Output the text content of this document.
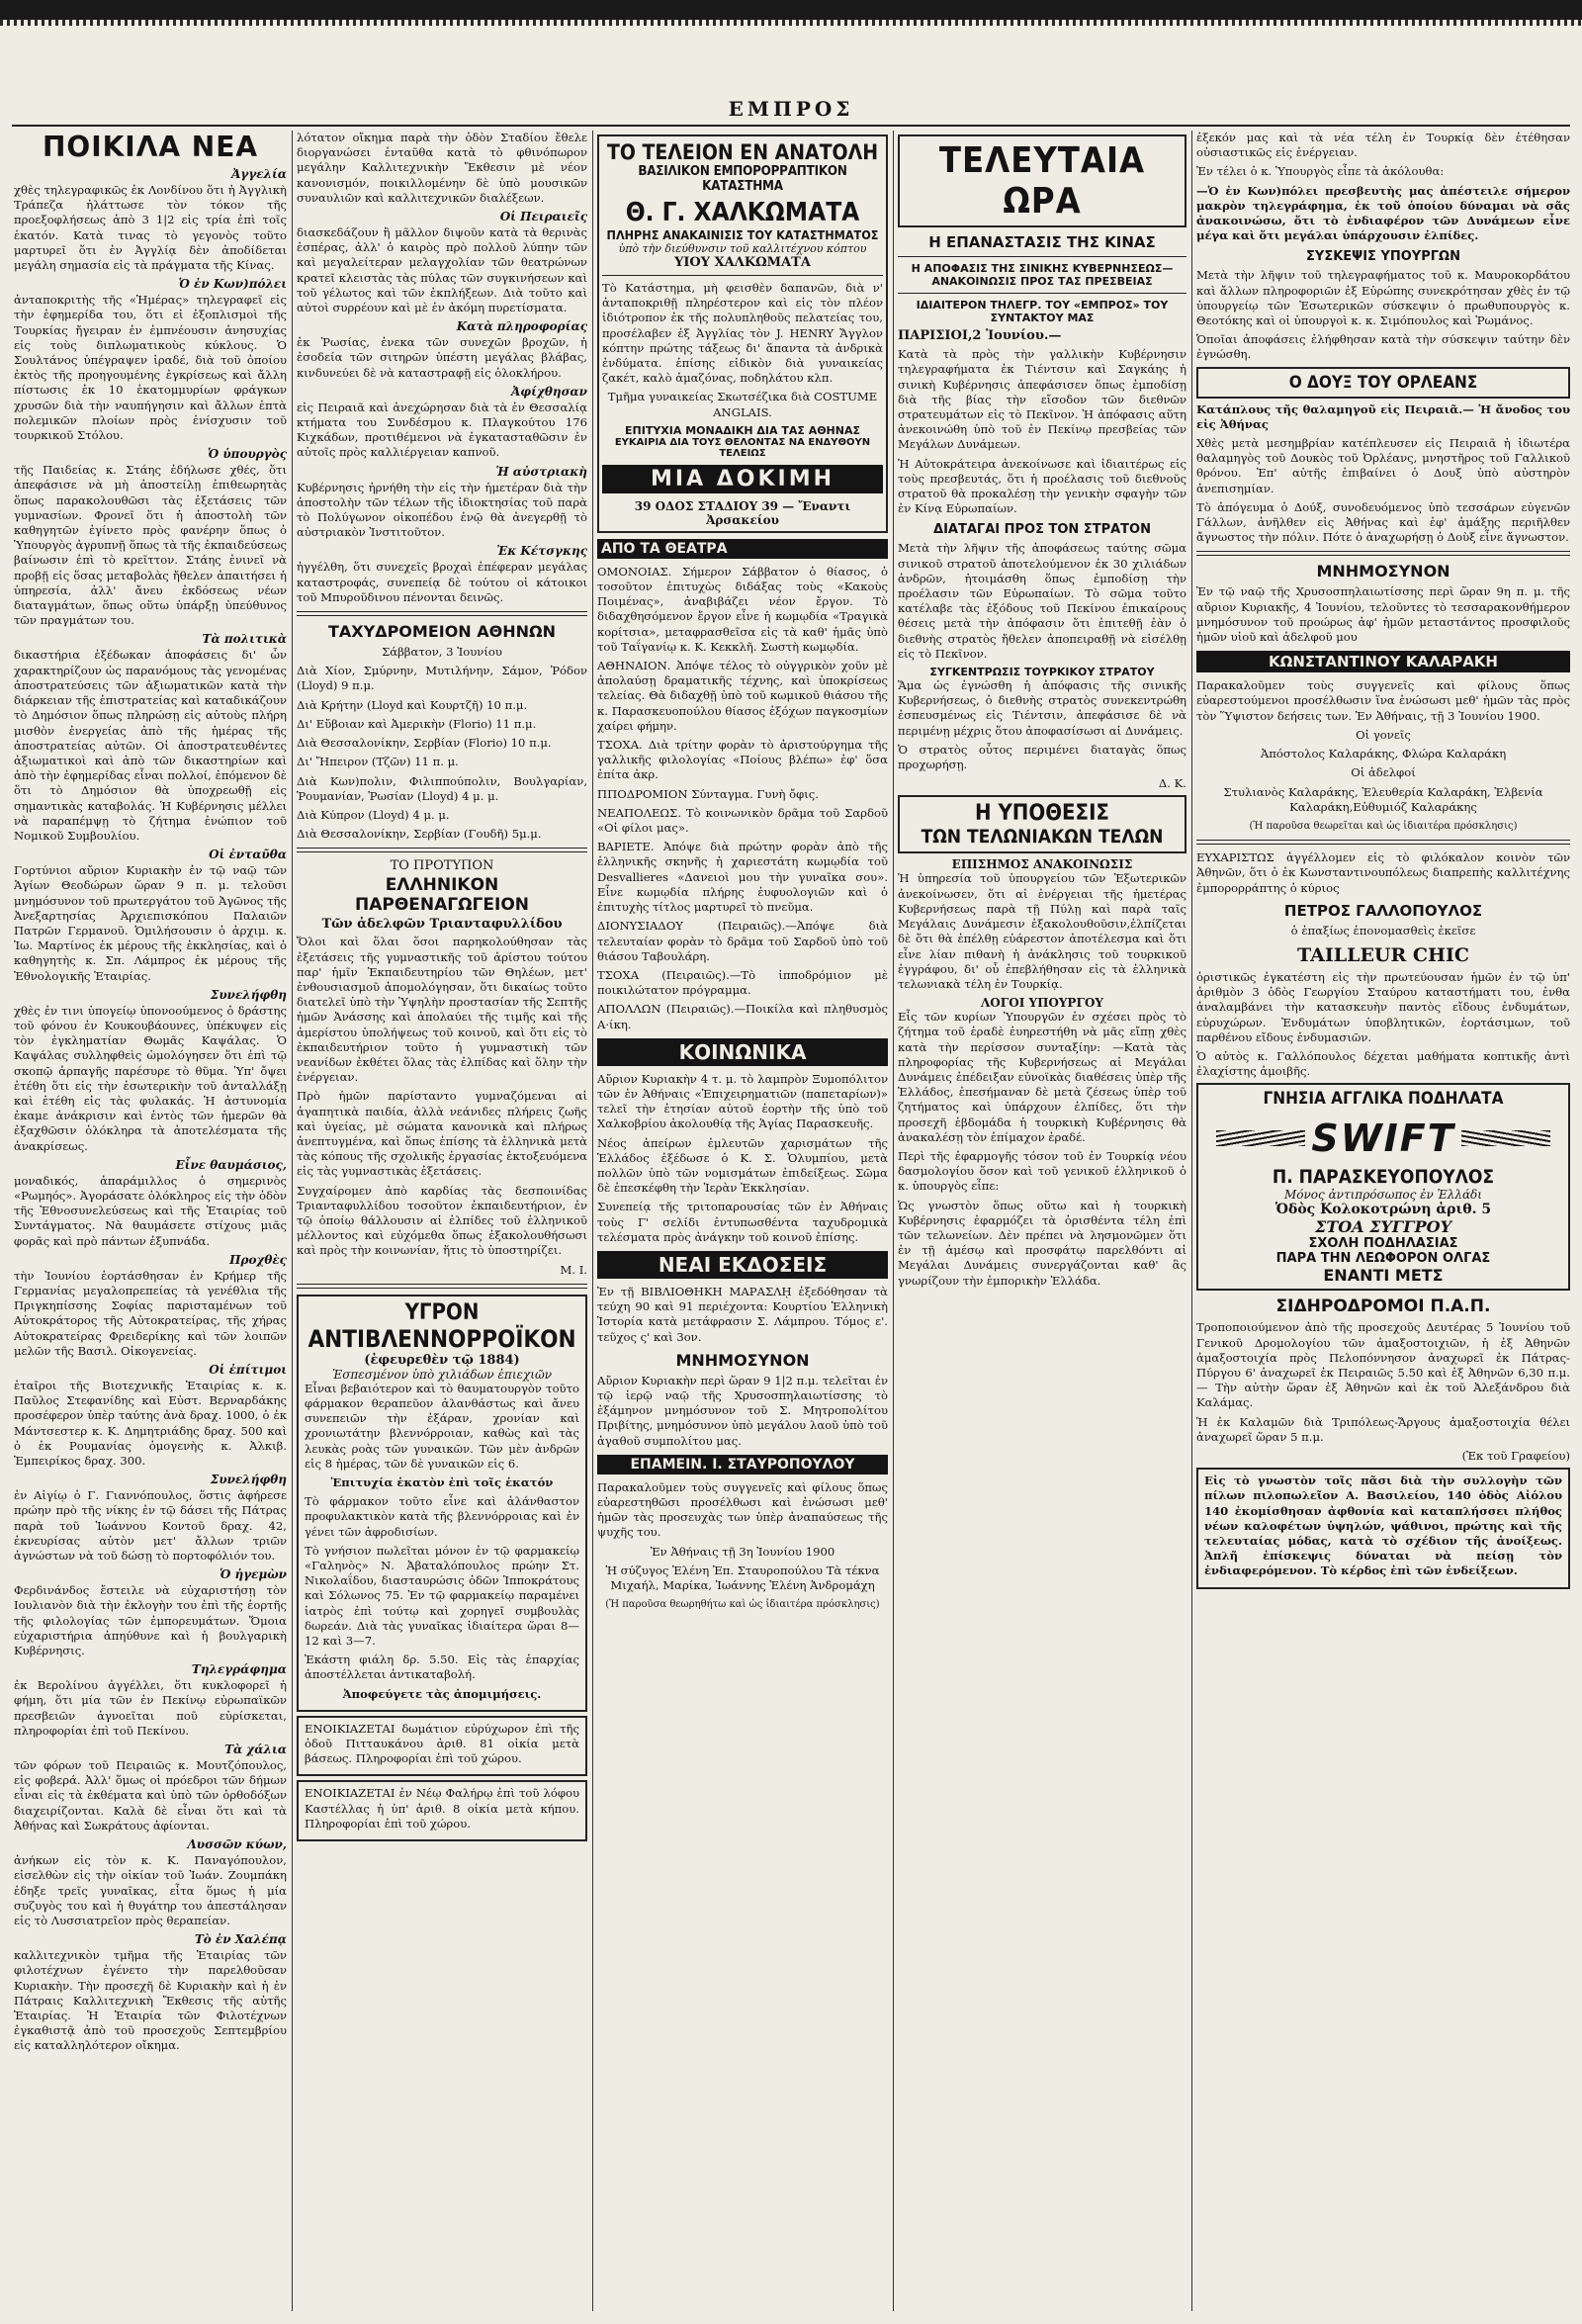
ΕΜΠΡΟΣ
ΠΟΙΚΙΛΑ ΝΕΑ
Ἀγγελία

χθὲς τηλεγραφικῶς ἐκ Λονδίνου ὅτι ἡ Ἀγγλικὴ Τράπεζα ἠλάττωσε τὸν τόκον τῆς προεξοφλήσεως ἀπὸ 3 1|2 εἰς τρία ἐπὶ τοῖς ἑκατόν. Κατὰ τινας τὸ γεγονὸς τοῦτο μαρτυρεῖ ὅτι ἐν Ἀγγλίᾳ δὲν ἀποδίδεται μεγάλη σημασία εἰς τὰ πράγματα τῆς Κίνας.

Ὁ ἐν Κων)πόλει

ἀνταποκριτὴς τῆς «Ἡμέρας» τηλεγραφεῖ εἰς τὴν ἐφημερίδα του, ὅτι εἰ ἐξοπλισμοὶ τῆς Τουρκίας ἤγειραν ἐν ἐμπνέουσιν ἀνησυχίας εἰς τοὺς διπλωματικοὺς κύκλους. Ὁ Σουλτάνος ὑπέγραψεν ἰραδέ, διὰ τοῦ ὁποίου ἐκτὸς τῆς προηγουμένης ἐγκρίσεως καὶ ἄλλη πίστωσις ἐκ 10 ἑκατομμυρίων φράγκων χρυσῶν διὰ τὴν ναυπήγησιν καὶ ἄλλων ἑπτὰ πολεμικῶν πλοίων πρὸς ἐνίσχυσιν τοῦ τουρκικοῦ Στόλου.

Ὁ ὑπουργὸς

τῆς Παιδείας κ. Στάης ἐδήλωσε χθές, ὅτι ἀπεφάσισε νὰ μὴ ἀποστείλῃ ἐπιθεωρητὰς ὅπως παρακολουθῶσι τὰς ἐξετάσεις τῶν γυμνασίων. Φρονεῖ ὅτι ἡ ἀποστολὴ τῶν καθηγητῶν ἐγίνετο πρὸς φανέρην ὅπως ὁ Ὑπουργὸς ἀγρυπνῇ ὅπως τὰ τῆς ἐκπαιδεύσεως βαίνωσιν ἐπὶ τὸ κρεῖττον. Στάης ἐνινεῖ νὰ προβῇ εἰς ὅσας μεταβολὰς ἤθελεν ἀπαιτήσει ἡ ὑπηρεσία, ἀλλ' ἄνευ ἐκδόσεως νέων διαταγμάτων, ὅπως οὕτω ὑπάρξῃ ὑπεύθυνος τῶν πραγμάτων του.

Τὰ πολιτικὰ

δικαστήρια ἐξέδωκαν ἀποφάσεις δι' ὧν χαρακτηρίζουν ὡς παρανόμους τὰς γενομένας ἀποστρατεύσεις τῶν ἀξιωματικῶν κατὰ τὴν διάρκειαν τῆς ἐπιστρατείας καὶ καταδικάζουν τὸ Δημόσιον ὅπως πληρώσῃ εἰς αὐτοὺς πλήρη μισθὸν ἐνεργείας ἀπὸ τῆς ἡμέρας τῆς ἀποστρατείας αὐτῶν. Οἱ ἀποστρατευθέντες ἀξιωματικοὶ καὶ ἀπὸ τῶν δικαστηρίων καὶ ἀπὸ τὴν ἐφημερίδας εἶναι πολλοί, ἐπόμενον δὲ ὅτι τὸ Δημόσιον θὰ ὑποχρεωθῇ εἰς σημαντικὰς καταβολάς. Ἡ Κυβέρνησις μέλλει νὰ παραπέμψῃ τὸ ζήτημα ἐνώπιον τοῦ Νομικοῦ Συμβουλίου.

Οἱ ἐνταῦθα

Γορτύνιοι αὔριον Κυριακὴν ἐν τῷ ναῷ τῶν Ἁγίων Θεοδώρων ὥραν 9 π. μ. τελοῦσι μνημόσυνον τοῦ πρωτεργάτου τοῦ Ἀγῶνος τῆς Ἀνεξαρτησίας Ἀρχιεπισκόπου Παλαιῶν Πατρῶν Γερμανοῦ. Ὁμιλήσουσιν ὁ ἀρχιμ. κ. Ἰω. Μαρτίνος ἐκ μέρους τῆς ἐκκλησίας, καὶ ὁ καθηγητὴς κ. Σπ. Λάμπρος ἐκ μέρους τῆς Ἐθνολογικῆς Ἑταιρίας.

Συνελήφθη

χθὲς ἐν τινι ὑπογείῳ ὑπονοούμενος ὁ δράστης τοῦ φόνου ἐν Κουκουβάουνες, ὑπέκυψεν εἰς τὸν ἐγκληματίαν Θωμᾶς Καψάλας. Ὁ Καψάλας συλληφθεὶς ὡμολόγησεν ὅτι ἐπὶ τῷ σκοπῷ ἁρπαγῆς παρέσυρε τὸ θῦμα. Ὑπ' ὄψει ἐτέθη ὅτι εἰς τὴν ἐσωτερικὴν τοῦ ἀνταλλάξῃ καὶ ἐτέθη εἰς τὰς φυλακάς. Ἡ ἀστυνομία ἐκαμε ἀνάκρισιν καὶ ἐντὸς τῶν ἡμερῶν θὰ ἐξαχθῶσιν ὁλόκληρα τὰ ἀποτελέσματα τῆς ἀνακρίσεως.

Εἶνε θαυμάσιος,

μοναδικός, ἀπαράμιλλος ὁ σημερινὸς «Ρωμηός». Ἀγοράσατε ὁλόκληρος εἰς τὴν ὁδὸν τῆς Ἐθνοσυνελεύσεως καὶ τῆς Ἑταιρίας τοῦ Συντάγματος. Νὰ θαυμάσετε στίχους μιᾶς φορᾶς καὶ πρὸ πάντων ἐξυπνάδα.

Προχθὲς

τὴν Ἰουνίου ἑορτάσθησαν ἐν Κρήμερ τῆς Γερμανίας μεγαλοπρεπείας τὰ γενέθλια τῆς Πριγκηπίσσης Σοφίας παρισταμένων τοῦ Αὐτοκράτορος τῆς Αὐτοκρατείρας, τῆς χήρας Αὐτοκρατείρας Φρειδερίκης καὶ τῶν λοιπῶν μελῶν τῆς Βασιλ. Οἰκογενείας.

Οἱ ἐπίτιμοι

ἑταῖροι τῆς Βιοτεχνικῆς Ἑταιρίας κ. κ. Παῦλος Στεφανίδης καὶ Εὐστ. Βερναρδάκης προσέφερον ὑπὲρ ταύτης ἀνὰ δραχ. 1000, ὁ ἐκ Μάντσεστερ κ. Κ. Δημητριάδης δραχ. 500 καὶ ὁ ἐκ Ρουμανίας ὁμογενὴς κ. Ἀλκιβ. Ἐμπειρίκος δραχ. 300.

Συνελήφθη

ἐν Αἰγίῳ ὁ Γ. Γιαννόπουλος, ὅστις ἀφήρεσε πρώην πρὸ τῆς νίκης ἐν τῷ δάσει τῆς Πάτρας παρὰ τοῦ Ἰωάννου Κοντοῦ δραχ. 42, ἐκνευρίσας αὐτὸν μετ' ἄλλων τριῶν ἀγνώστων νὰ τοῦ δώσῃ τὸ πορτοφόλιόν του.

Ὁ ἡγεμὼν

Φερδινάνδος ἔστειλε νὰ εὐχαριστήσῃ τὸν Ιουλιανὸν διὰ τὴν ἐκλογὴν του ἐπὶ τῆς ἑορτῆς τῆς φιλολογίας τῶν ἐμπορευμάτων. Ὅμοια εὐχαριστήρια ἀπηύθυνε καὶ ἡ βουλγαρικὴ Κυβέρνησις.

Τηλεγράφημα

ἐκ Βερολίνου ἀγγέλλει, ὅτι κυκλοφορεῖ ἡ φήμη, ὅτι μία τῶν ἐν Πεκίνῳ εὐρωπαϊκῶν πρεσβειῶν ἀγνοεῖται ποῦ εὑρίσκεται, πληροφορίαι ἐπὶ τοῦ Πεκίνου.

Τὰ χάλια

τῶν φόρων τοῦ Πειραιῶς κ. Μουτζόπουλος, εἰς φοβερά. Ἀλλ' ὅμως οἱ πρόεδροι τῶν δήμων εἶναι εἰς τὰ ἐκθέματα καὶ ὑπὸ τῶν ὀρθοδόξων διαχειρίζονται. Καλὰ δὲ εἶναι ὅτι καὶ τὰ Ἀθήνας καὶ Σωκράτους ἀφίονται.

Λυσσῶν κύων,

ἀνήκων εἰς τὸν κ. Κ. Παναγόπουλον, εἰσελθὼν εἰς τὴν οἰκίαν τοῦ Ἰωάν. Ζουμπάκη ἐδηξε τρεῖς γυναῖκας, εἶτα ὅμως ἡ μία συζυγὸς του καὶ ἡ θυγάτηρ του ἀπεστάλησαν εἰς τὸ Λυσσιατρεῖον πρὸς θεραπείαν.

Τὸ ἐν Χαλέπᾳ

καλλιτεχνικὸν τμῆμα τῆς Ἑταιρίας τῶν φιλοτέχνων ἐγένετο τὴν παρελθοῦσαν Κυριακὴν. Τὴν προσεχῆ δὲ Κυριακὴν καὶ ἡ ἐν Πάτραις Καλλιτεχνικὴ Ἔκθεσις τῆς αὐτῆς Ἑταιρίας. Ἡ Ἑταιρία τῶν Φιλοτέχνων ἐγκαθιστᾷ ἀπὸ τοῦ προσεχοῦς Σεπτεμβρίου εἰς καταλληλότερον οἴκημα.

λότατον οἴκημα παρὰ τὴν ὁδὸν Σταδίου ἔθελε διοργανώσει ἐνταῦθα κατὰ τὸ φθινόπωρον μεγάλην Καλλιτεχνικὴν Ἔκθεσιν μὲ νέον κανονισμόν, ποικιλλομένην δὲ ὑπὸ μουσικῶν συναυλιῶν καὶ καλλιτεχνικῶν διαλέξεων.

Οἱ Πειραιεῖς

διασκεδάζουν ἢ μᾶλλον διψοῦν κατὰ τὰ θερινὰς ἑσπέρας, ἀλλ' ὁ καιρὸς πρὸ πολλοῦ λύπην τῶν καὶ μεγαλείτεραν μελαγχολίαν τῶν θεατρώνων κρατεῖ κλειστὰς τὰς πύλας τῶν συγκινήσεων καὶ τοῦ γέλωτος καὶ τῶν ἐκπλήξεων. Διὰ τοῦτο καὶ αὐτοὶ συρρέουν καὶ μὲ ἐν ἀκόμη πυρετίσματα.

Κατὰ πληροφορίας

ἐκ Ῥωσίας, ἐνεκα τῶν συνεχῶν βροχῶν, ἡ ἐσοδεία τῶν σιτηρῶν ὑπέστη μεγάλας βλάβας, κινδυνεύει δὲ νὰ καταστραφῇ εἰς ὁλοκλήρου.

Ἀφίχθησαν

εἰς Πειραιᾶ καὶ ἀνεχώρησαν διὰ τὰ ἐν Θεσσαλίᾳ κτήματα του Συνδέσμου κ. Πλαγκούτου 176 Κιχκάδων, προτιθέμενοι νὰ ἐγκατασταθῶσιν ἐν αὐτοῖς πρὸς καλλιέργειαν καπνοῦ.

Ἡ αὐστριακὴ

Κυβέρνησις ἠρνήθη τὴν εἰς τὴν ἡμετέραν διὰ τὴν ἀποστολὴν τῶν τέλων τῆς ἰδιοκτησίας τοῦ παρὰ τὸ Πολύγωνον οἰκοπέδου ἐνῷ θὰ ἀνεγερθῇ τὸ αὐστριακὸν Ἰνστιτοῦτον.

Ἐκ Κέτσγκης

ἠγγέλθη, ὅτι συνεχεῖς βροχαὶ ἐπέφεραν μεγάλας καταστροφάς, συνεπείᾳ δὲ τούτου οἱ κάτοικοι τοῦ Μπυροῦδινου πένονται δεινῶς.

ΤΑΧΥΔΡΟΜΕΙΟΝ ΑΘΗΝΩΝ

Σάββατον, 3 Ἰουνίου

Διὰ Χίον, Σμύρνην, Μυτιλήνην, Σάμον, Ῥόδον (Lloyd) 9 π.μ.

Διὰ Κρήτην (Lloyd καὶ Κουρτζῆ) 10 π.μ.

Δι' Εὔβοιαν καὶ Ἀμερικὴν (Florio) 11 π.μ.

Διὰ Θεσσαλονίκην, Σερβίαν (Florio) 10 π.μ.

Δι' Ἤπειρον (Τζῶν) 11 π. μ.

Διὰ Κων)πολιν, Φιλιππούπολιν, Βουλγαρίαν, Ῥουμανίαν, Ῥωσίαν (Lloyd) 4 μ. μ.

Διὰ Κύπρον (Lloyd) 4 μ. μ.

Διὰ Θεσσαλονίκην, Σερβίαν (Γουδῆ) 5μ.μ.

ΤΟ ΠΡΟΤΥΠΟΝ
ΕΛΛΗΝΙΚΟΝ ΠΑΡΘΕΝΑΓΩΓΕΙΟΝ
Τῶν ἀδελφῶν Τριανταφυλλίδου

Ὅλοι καὶ ὅλαι ὅσοι παρηκολούθησαν τὰς ἐξετάσεις τῆς γυμναστικῆς τοῦ ἀρίστου τούτου παρ' ἡμῖν Ἐκπαιδευτηρίου τῶν Θηλέων, μετ' ἐνθουσιασμοῦ ἀπομολόγησαν, ὅτι δικαίως τοῦτο διατελεῖ ὑπὸ τὴν Ὑψηλὴν προστασίαν τῆς Σεπτῆς ἡμῶν Ἀνάσσης καὶ ἀπολαύει τῆς τιμῆς καὶ τῆς ἀμερίστου ὑπολήψεως τοῦ κοινοῦ, καὶ ὅτι εἰς τὸ ἐκπαιδευτήριον τοῦτο ἡ γυμναστικὴ τῶν νεανίδων ἐκθέτει ὅλας τὰς ἐλπίδας καὶ ὅλην τὴν ἐνέργειαν.

Πρὸ ἡμῶν παρίσταντο γυμναζόμεναι αἱ ἀγαπητικὰ παιδία, ἀλλὰ νεάνιδες πλήρεις ζωῆς καὶ ὑγείας, μὲ σώματα κανονικὰ καὶ πλήρως ἀνεπτυγμένα, καὶ ὅπως ἐπίσης τὰ ἑλληνικὰ μετὰ τὰς κόπους τῆς σχολικῆς ἐργασίας ἐκτοξευόμενα εἰς τὰς γυμναστικὰς ἐξετάσεις.

Συγχαίρομεν ἀπὸ καρδίας τὰς δεσποινίδας Τριανταφυλλίδου τοσοῦτον ἐκπαιδευτήριον, ἐν τῷ ὁποίῳ θάλλουσιν αἱ ἐλπίδες τοῦ ἑλληνικοῦ μέλλοντος καὶ εὐχόμεθα ὅπως ἐξακολουθήσωσι καὶ πρὸς τὴν κοινωνίαν, ἥτις τὸ ὑποστηρίζει.

Μ. Ι.

ΥΓΡΟΝ
ΑΝΤΙΒΛΕΝΝΟΡΡΟΪΚΟΝ
(ἐφευρεθὲν τῷ 1884)
Ἐσπεσμένον ὑπὸ χιλιάδων ἐπιεχιῶν

Εἶναι βεβαιότερον καὶ τὸ θαυματουργὸν τοῦτο φάρμακον θεραπεῦον ἀλανθάστως καὶ ἄνευ συνεπειῶν τὴν ἐξάραν, χρονίαν καὶ χρονιωτάτην βλεννόρροιαν, καθὼς καὶ τὰς λευκὰς ροὰς τῶν γυναικῶν. Τῶν μὲν ἀνδρῶν εἰς 8 ἡμέρας, τῶν δὲ γυναικῶν εἰς 6.

Ἐπιτυχία ἑκατὸν ἐπὶ τοῖς ἑκατόν

Τὸ φάρμακον τοῦτο εἶνε καὶ ἀλάνθαστον προφυλακτικὸν κατὰ τῆς βλεννόρροιας καὶ ἐν γένει τῶν ἀφροδισίων.

Τὸ γνήσιον πωλεῖται μόνον ἐν τῷ φαρμακείῳ «Γαληνὸς» Ν. Ἀβαταλόπουλος πρώην Στ. Νικολαΐδου, διασταυρώσις ὁδῶν Ἱπποκράτους καὶ Σόλωνος 75. Ἐν τῷ φαρμακείῳ παραμένει ἰατρὸς ἐπὶ τούτῳ καὶ χορηγεῖ συμβουλὰς δωρεάν. Διὰ τὰς γυναῖκας ἰδιαίτερα ὥραι 8—12 καὶ 3—7.

Ἑκάστη φιάλη δρ. 5.50. Εἰς τὰς ἐπαρχίας ἀποστέλλεται ἀντικαταβολή.

Ἀποφεύγετε τὰς ἀπομιμήσεις.

ΕΝΟΙΚΙΑΖΕΤΑΙ δωμάτιον εὐρύχωρον ἐπὶ τῆς ὁδοῦ Πιτταυκάνου ἀριθ. 81 οἰκία μετὰ βάσεως. Πληροφορίαι ἐπὶ τοῦ χώρου.

ΕΝΟΙΚΙΑΖΕΤΑΙ ἐν Νέῳ Φαλήρῳ ἐπὶ τοῦ λόφου Καστέλλας ἡ ὑπ' ἀριθ. 8 οἰκία μετὰ κήπου. Πληροφορίαι ἐπὶ τοῦ χώρου.

ΤΟ ΤΕΛΕΙΟΝ ΕΝ ΑΝΑΤΟΛΗ
ΒΑΣΙΛΙΚΟΝ ΕΜΠΟΡΟΡΡΑΠΤΙΚΟΝ ΚΑΤΑΣΤΗΜΑ
Θ. Γ. ΧΑΛΚΩΜΑΤΑ
ΠΛΗΡΗΣ ΑΝΑΚΑΙΝΙΣΙΣ ΤΟΥ ΚΑΤΑΣΤΗΜΑΤΟΣ
ὑπὸ τὴν διεύθυνσιν τοῦ καλλιτέχνου κόπτου
ΥΙΟΥ ΧΑΛΚΩΜΑΤΑ

Τὸ Κατάστημα, μὴ φεισθὲν δαπανῶν, διὰ ν' ἀνταποκριθῇ πληρέστερον καὶ εἰς τὸν πλέον ἰδιότροπον ἐκ τῆς πολυπληθοῦς πελατείας του, προσέλαβεν ἐξ Ἀγγλίας τὸν J. HENRY Ἄγγλον κόπτην πρώτης τάξεως δι' ἅπαντα τὰ ἀνδρικὰ ἐνδύματα. ἐπίσης εἰδικὸν διὰ γυναικείας ζακέτ, καλὸ ἀμαζόνας, ποδηλάτου κλπ.

Τμῆμα γυναικείας Σκωτσέζικα διὰ COSTUME ANGLAIS.

ΕΠΙΤΥΧΙΑ ΜΟΝΑΔΙΚΗ ΔΙΑ ΤΑΣ ΑΘΗΝΑΣ
ΕΥΚΑΙΡΙΑ ΔΙΑ ΤΟΥΣ ΘΕΛΟΝΤΑΣ ΝΑ ΕΝΔΥΘΟΥΝ ΤΕΛΕΙΩΣ
ΜΙΑ ΔΟΚΙΜΗ
39 ΟΔΟΣ ΣΤΑΔΙΟΥ 39 — Ἔναντι Ἀρσακείου
ΑΠΟ ΤΑ ΘΕΑΤΡΑ

ΟΜΟΝΟΙΑΣ. Σήμερον Σάββατον ὁ θίασος, ὁ τοσοῦτον ἐπιτυχὼς διδάξας τοὺς «Κακοὺς Ποιμένας», ἀναβιβάζει νέον ἔργον. Τὸ διδαχθησόμενον ἔργον εἶνε ἡ κωμῳδία «Τραγικὰ κορίτσια», μεταφρασθεῖσα εἰς τὰ καθ' ἡμᾶς ὑπὸ τοῦ Ταΐγανίῳ κ. Κ. Κεκκλῆ. Σωστὴ κωμῳδία.

ΑΘΗΝΑΙΟΝ. Ἀπόψε τέλος τὸ οὐγγρικὸν χοῦν μὲ ἀπολαύσῃ δραματικῆς τέχνης, καὶ ὑποκρίσεως τελείας. Θὰ διδαχθῇ ὑπὸ τοῦ κωμικοῦ θιάσου τῆς κ. Παρασκευοπούλου θίασος ἐξόχων παγκοσμίων χαίρει φήμην.

ΤΣΟΧΑ. Διὰ τρίτην φορὰν τὸ ἀριστούργημα τῆς γαλλικῆς φιλολογίας «Ποίους βλέπω» ἐφ' ὅσα ἐπίτα ἀκρ.

ΠΠΟΔΡΟΜΙΟΝ Σύνταγμα. Γυνὴ ὄφις.

ΝΕΑΠΟΛΕΩΣ. Τὸ κοινωνικὸν δρᾶμα τοῦ Σαρδοῦ «Οἱ φίλοι μας».

ΒΑΡΙΕΤΕ. Ἀπόψε διὰ πρώτην φορὰν ἀπὸ τῆς ἑλληνικῆς σκηνῆς ἡ χαριεστάτη κωμῳδία τοῦ Desvallieres «Δανειοὶ μου τὴν γυναῖκα σου». Εἶνε κωμῳδία πλήρης ἐυφυολογιῶν καὶ ὁ ἐπιτυχὴς τίτλος μαρτυρεῖ τὸ πνεῦμα.

ΔΙΟΝΥΣΙΑΔΟΥ (Πειραιῶς).—Ἀπόψε διὰ τελευταίαν φορὰν τὸ δρᾶμα τοῦ Σαρδοῦ ὑπὸ τοῦ θιάσου Ταβουλάρη.

ΤΣΟΧΑ (Πειραιῶς).—Τὸ ἱπποδρόμιον μὲ ποικιλώτατον πρόγραμμα.

ΑΠΟΛΛΩΝ (Πειραιῶς).—Ποικίλα καὶ πληθυσμὸς Α·ίκη.

ΚΟΙΝΩΝΙΚΑ

Αὔριον Κυριακὴν 4 τ. μ. τὸ λαμπρὸν Ξυμοπόλιτον τῶν ἐν Ἀθήναις «Ἐπιχειρηματιῶν (παπεταρίων)» τελεῖ τὴν ἐτησίαν αὐτοῦ ἑορτὴν τῆς ὑπὸ τοῦ Χαλκοβρίου ἀκολουθίᾳ τῆς Ἁγίας Παρασκευῆς.

Νέος ἀπείρων ἐμλευτῶν χαρισμάτων τῆς Ἑλλάδος ἐξέδωσε ὁ Κ. Σ. Ὁλυμπίου, μετὰ πολλῶν ὑπὸ τῶν νομισμάτων ἐπιδείξεως. Σῶμα δὲ ἐπεσκέφθη τὴν Ἱερὰν Ἐκκλησίαν.

Συνεπείᾳ τῆς τριτοπαρουσίας τῶν ἐν Ἀθήναις τοὺς Γ' σελίδι ἐντυπωσθέντα ταχυδρομικὰ τελέσματα πρὸς ἀνάγκην τοῦ κοινοῦ ἐπίσης.

ΝΕΑΙ ΕΚΔΟΣΕΙΣ

Ἐν τῇ ΒΙΒΛΙΟΘΗΚΗ ΜΑΡΑΣΛῌ ἐξεδόθησαν τὰ τεύχη 90 καὶ 91 περιέχοντα: Κουρτίου Ἑλληνικὴ Ἱστορία κατὰ μετάφρασιν Σ. Λάμπρου. Τόμος ε'. τεῦχος ς' καὶ 3ον.

ΜΝΗΜΟΣΥΝΟΝ

Αὔριον Κυριακὴν περὶ ὥραν 9 1|2 π.μ. τελεῖται ἐν τῷ ἱερῷ ναῷ τῆς Χρυσοσπηλαιωτίσσης τὸ ἐξάμηνον μνημόσυνον τοῦ Σ. Μητροπολίτου Πριβίτης, μνημόσυνον ὑπὸ μεγάλου λαοῦ ὑπὸ τοῦ ἀγαθοῦ συμπολίτου μας.

ΕΠΑΜΕΙΝ. Ι. ΣΤΑΥΡΟΠΟΥΛΟΥ

Παρακαλοῦμεν τοὺς συγγενεῖς καὶ φίλους ὅπως εὐαρεστηθῶσι προσέλθωσι καὶ ἐνώσωσι μεθ' ἡμῶν τὰς προσευχὰς των ὑπὲρ ἀναπαύσεως τῆς ψυχῆς του.

Ἐν Ἀθήναις τῇ 3η Ἰουνίου 1900

Ἡ σύζυγος Ἑλένη Ἐπ. Σταυροπούλου Τὰ τέκνα Μιχαήλ, Μαρίκα, Ἰωάννης Ἑλένη Ἀνδρομάχη

(Ἡ παροῦσα θεωρηθήτω καὶ ὡς ἰδιαιτέρα πρόσκλησις)

ΤΕΛΕΥΤΑΙΑ ΩΡΑ
Η ΕΠΑΝΑΣΤΑΣΙΣ ΤΗΣ ΚΙΝΑΣ
Η ΑΠΟΦΑΣΙΣ ΤΗΣ ΣΙΝΙΚΗΣ ΚΥΒΕΡΝΗΣΕΩΣ—ΑΝΑΚΟΙΝΩΣΙΣ ΠΡΟΣ ΤΑΣ ΠΡΕΣΒΕΙΑΣ
ΙΔΙΑΙΤΕΡΟΝ ΤΗΛΕΓΡ. ΤΟΥ «ΕΜΠΡΟΣ» ΤΟΥ ΣΥΝΤΑΚΤΟΥ ΜΑΣ

ΠΑΡΙΣΙΟΙ,2 Ἰουνίου.—

Κατὰ τὰ πρὸς τὴν γαλλικὴν Κυβέρνησιν τηλεγραφήματα ἐκ Τιέντσιν καὶ Σαγκάης ἡ σινικὴ Κυβέρνησις ἀπεφάσισεν ὅπως ἐμποδίσῃ διὰ τῆς βίας τὴν εἴσοδον τῶν διεθνῶν στρατευμάτων εἰς τὸ Πεκῖνον. Ἡ ἀπόφασις αὕτη ἀνεκοινώθη ὑπὸ τοῦ ἐν Πεκίνῳ πρεσβείας τῶν Μεγάλων Δυνάμεων.

Ἡ Αὐτοκράτειρα ἀνεκοίνωσε καὶ ἰδιαιτέρως εἰς τοὺς πρεσβευτάς, ὅτι ἡ προέλασις τοῦ διεθνοῦς στρατοῦ θὰ προκαλέσῃ τὴν γενικὴν σφαγὴν τῶν ἐν Κίνᾳ Εὐρωπαίων.

ΔΙΑΤΑΓΑΙ ΠΡΟΣ ΤΟΝ ΣΤΡΑΤΟΝ

Μετὰ τὴν λῆψιν τῆς ἀποφάσεως ταύτης σῶμα σινικοῦ στρατοῦ ἀποτελούμενον ἐκ 30 χιλιάδων ἀνδρῶν, ἡτοιμάσθη ὅπως ἐμποδίσῃ τὴν προέλασιν τῶν Εὐρωπαίων. Τὸ σῶμα τοῦτο κατέλαβε τὰς ἐξόδους τοῦ Πεκίνου ἐπικαίρους θέσεις μετὰ τὴν ἀπόφασιν ὅτι ἐπιτεθῇ ἐὰν ὁ διεθνὴς στρατὸς ἤθελεν ἀποπειραθῇ νὰ εἰσέλθῃ εἰς τὸ Πεκῖνον.

ΣΥΓΚΕΝΤΡΩΣΙΣ ΤΟΥΡΚΙΚΟΥ ΣΤΡΑΤΟΥ

Ἅμα ὡς ἐγνώσθη ἡ ἀπόφασις τῆς σινικῆς Κυβερνήσεως, ὁ διεθνὴς στρατὸς συνεκεντρώθη ἐσπευσμένως εἰς Τιέντσιν, ἀπεφάσισε δὲ νὰ περιμένῃ μέχρις ὅτου ἀποφασίσωσι αἱ Δυνάμεις.

Ὁ στρατὸς οὗτος περιμένει διαταγὰς ὅπως προχωρήσῃ.

Δ. Κ.

Η ΥΠΟΘΕΣΙΣ
ΤΩΝ ΤΕΛΩΝΙΑΚΩΝ ΤΕΛΩΝ
ΕΠΙΣΗΜΟΣ ΑΝΑΚΟΙΝΩΣΙΣ

Ἡ ὑπηρεσία τοῦ ὑπουργείου τῶν Ἐξωτερικῶν ἀνεκοίνωσεν, ὅτι αἱ ἐνέργειαι τῆς ἡμετέρας Κυβερνήσεως παρὰ τῇ Πύλῃ καὶ παρὰ ταῖς Μεγάλαις Δυνάμεσιν ἐξακολουθοῦσιν,ἐλπίζεται δὲ ὅτι θὰ ἐπέλθῃ εὐάρεστον ἀποτέλεσμα καὶ ὅτι εἶνε λίαν πιθανὴ ἡ ἀνάκλησις τοῦ τουρκικοῦ ἐγγράφου, δι' οὗ ἐπεβλήθησαν εἰς τὰ ἑλληνικὰ τελωνιακὰ τέλη ἐν Τουρκίᾳ.

ΛΟΓΟΙ ΥΠΟΥΡΓΟΥ

Εἷς τῶν κυρίων Ὑπουργῶν ἐν σχέσει πρὸς τὸ ζήτημα τοῦ ἐραδὲ ἐυηρεστήθη νὰ μᾶς εἴπῃ χθὲς κατὰ τὴν περίσσον συνταξίην: —Κατὰ τὰς πληροφορίας τῆς Κυβερνήσεως αἱ Μεγάλαι Δυνάμεις ἐπέδειξαν εὐνοϊκὰς διαθέσεις ὑπὲρ τῆς Ἑλλάδος, ἐπεσήμαναν δὲ μετὰ ζέσεως ὑπὲρ τοῦ ζητήματος καὶ ὑπάρχουν ἐλπίδες, ὅτι τὴν προσεχῆ ἑβδομάδα ἡ τουρκικὴ Κυβέρνησις θὰ ἀνακαλέσῃ τὸν ἐπίμαχον ἐραδέ.

Περὶ τῆς ἐφαρμογῆς τόσον τοῦ ἐν Τουρκίᾳ νέου δασμολογίου ὅσον καὶ τοῦ γενικοῦ ἑλληνικοῦ ὁ κ. ὑπουργὸς εἶπε:

Ὡς γνωστὸν ὅπως οὕτω καὶ ἡ τουρκικὴ Κυβέρνησις ἐφαρμόζει τὰ ὁρισθέντα τέλη ἐπὶ τῶν τελωνείων. Δὲν πρέπει νὰ λησμονῶμεν ὅτι ἐν τῇ ἀμέσῳ καὶ προσφάτῳ παρελθόντι αἱ Μεγάλαι Δυνάμεις συνεργάζονται καθ' ἃς γνωρίζουν τὴν ἐμπορικὴν Ἑλλάδα.

ἐξεκόν μας καὶ τὰ νέα τέλη ἐν Τουρκίᾳ δὲν ἐτέθησαν οὐσιαστικῶς εἰς ἐνέργειαν.

Ἐν τέλει ὁ κ. Ὑπουργὸς εἶπε τὰ ἀκόλουθα:

—Ὁ ἐν Κων)πόλει πρεσβευτὴς μας ἀπέστειλε σήμερον μακρὸν τηλεγράφημα, ἐκ τοῦ ὁποίου δύναμαι νὰ σᾶς ἀνακοινώσω, ὅτι τὸ ἐνδιαφέρον τῶν Δυνάμεων εἶνε μέγα καὶ ὅτι μεγάλαι ὑπάρχουσιν ἐλπίδες.

ΣΥΣΚΕΨΙΣ ΥΠΟΥΡΓΩΝ

Μετὰ τὴν λῆψιν τοῦ τηλεγραφήματος τοῦ κ. Μαυροκορδάτου καὶ ἄλλων πληροφοριῶν ἐξ Εὐρώπης συνεκρότησαν χθὲς ἐν τῷ ὑπουργείῳ τῶν Ἐσωτερικῶν σύσκεψιν ὁ πρωθυπουργὸς κ. Θεοτόκης καὶ οἱ ὑπουργοὶ κ. κ. Σιμόπουλος καὶ Ῥωμάνος.

Ὁποῖαι ἀποφάσεις ἐλήφθησαν κατὰ τὴν σύσκεψιν ταύτην δὲν ἐγνώσθη.

Ο ΔΟΥΞ ΤΟΥ ΟΡΛΕΑΝΣ

Κατάπλους τῆς θαλαμηγοῦ εἰς Πειραιᾶ.— Ἡ ἄνοδος του εἰς Ἀθήνας

Χθὲς μετὰ μεσημβρίαν κατέπλευσεν εἰς Πειραιᾶ ἡ ἰδιωτέρα θαλαμηγὸς τοῦ Δουκὸς τοῦ Ὀρλέανς, μνηστῆρος τοῦ Γαλλικοῦ θρόνου. Ἐπ' αὐτῆς ἐπιβαίνει ὁ Δουξ ὑπὸ αὐστηρὸν ἀνεπισημίαν.

Τὸ ἀπόγευμα ὁ Δούξ, συνοδευόμενος ὑπὸ τεσσάρων εὐγενῶν Γάλλων, ἀνῆλθεν εἰς Ἀθήνας καὶ ἐφ' ἁμάξης περιῆλθεν ἄγνωστος τὴν πόλιν. Πότε ὁ ἀναχωρήσῃ ὁ Δοὺξ εἶνε ἄγνωστον.

ΜΝΗΜΟΣΥΝΟΝ

Ἐν τῷ ναῷ τῆς Χρυσοσπηλαιωτίσσης περὶ ὥραν 9η π. μ. τῆς αὔριον Κυριακῆς, 4 Ἰουνίου, τελοῦντες τὸ τεσσαρακονθήμερον μνημόσυνον τοῦ προώρως ἀφ' ἡμῶν μεταστάντος προσφιλοῦς ἡμῶν υἱοῦ καὶ ἀδελφοῦ μου

ΚΩΝΣΤΑΝΤΙΝΟΥ ΚΑΛΑΡΑΚΗ

Παρακαλοῦμεν τοὺς συγγενεῖς καὶ φίλους ὅπως εὐαρεστούμενοι προσέλθωσιν ἵνα ἑνώσωσι μεθ' ἡμῶν τὰς πρὸς τὸν Ὕψιστον δεήσεις των. Ἐν Ἀθήναις, τῇ 3 Ἰουνίου 1900.

Οἱ γονεῖς

Ἀπόστολος Καλαράκης, Φλώρα Καλαράκη

Οἱ ἀδελφοί

Στυλιανὸς Καλαράκης, Ἐλευθερία Καλαράκη, Ἑλβενία Καλαράκη,Εὐθυμιόζ Καλαράκης

(Ἡ παροῦσα θεωρεῖται καὶ ὡς ἰδιαιτέρα πρόσκλησις)

ΕΥΧΑΡΙΣΤΩΣ ἀγγέλλομεν εἰς τὸ φιλόκαλον κοινὸν τῶν Ἀθηνῶν, ὅτι ὁ ἐκ Κωνσταντινουπόλεως διαπρεπὴς καλλιτέχνης ἐμπορορράπτης ὁ κύριος

ΠΕΤΡΟΣ ΓΑΛΛΟΠΟΥΛΟΣ

ὁ ἐπαξίως ἐπονομασθεὶς ἐκεῖσε

TAILLEUR CHIC

ὁριστικῶς ἐγκατέστη εἰς τὴν πρωτεύουσαν ἡμῶν ἐν τῷ ὑπ' ἀριθμὸν 3 ὁδὸς Γεωργίου Σταύρου καταστήματι του, ἐνθα ἀναλαμβάνει τὴν κατασκευὴν παντὸς εἴδους ἐνδυμάτων, εὐρυχώρων. Ἐνδυμάτων ὑποβλητικῶν, ἑορτάσιμων, τοῦ παρθένου εἴδους ἐνδυμασιῶν.

Ὁ αὐτὸς κ. Γαλλόπουλος δέχεται μαθήματα κοπτικῆς ἀντὶ ἐλαχίστης ἀμοιβῆς.

ΓΝΗΣΙΑ ΑΓΓΛΙΚΑ ΠΟΔΗΛΑΤΑ
SWIFT
Π. ΠΑΡΑΣΚΕΥΟΠΟΥΛΟΣ
Μόνος ἀντιπρόσωπος ἐν Ἑλλάδι
Ὁδὸς Κολοκοτρώνη ἀριθ. 5
ΣΤΟΑ ΣΥΓΓΡΟΥ
ΣΧΟΛΗ ΠΟΔΗΛΑΣΙΑΣ
ΠΑΡΑ ΤΗΝ ΛΕΩΦΟΡΟΝ ΟΛΓΑΣ
ΕΝΑΝΤΙ ΜΕΤΣ
ΣΙΔΗΡΟΔΡΟΜΟΙ Π.Α.Π.

Τροποποιούμενον ἀπὸ τῆς προσεχοῦς Δευτέρας 5 Ἰουνίου τοῦ Γενικοῦ Δρομολογίου τῶν ἀμαξοστοιχιῶν, ἡ ἐξ Ἀθηνῶν ἀμαξοστοιχία πρὸς Πελοπόννησον ἀναχωρεῖ ἐκ Πάτρας-Πύργου 6' ἀναχωρεῖ ἐκ Πειραιῶς 5.50 καὶ ἐξ Ἀθηνῶν 6,30 π.μ.— Τὴν αὐτὴν ὥραν ἐξ Ἀθηνῶν καὶ ἐκ τοῦ Ἀλεξάνδρου διὰ Καλάμας.

Ἡ ἐκ Καλαμῶν διὰ Τριπόλεως-Ἄργους ἀμαξοστοιχία θέλει ἀναχωρεῖ ὥραν 5 π.μ.

(Ἐκ τοῦ Γραφείου)

Εἰς τὸ γνωστὸν τοῖς πᾶσι διὰ τὴν συλλογὴν τῶν πίλων πιλοπωλεῖον Α. Βασιλείου, 140 ὁδὸς Αἰόλου 140 ἐκομίσθησαν ἀφθονία καὶ καταπλήσσει πλήθος νέων καλοφέτων ὑψηλών, ψάθινοι, πρώτης καὶ τῆς τελευταίας μόδας, κατὰ τὸ σχέδιον τῆς ἀνοίξεως. Ἀπλῆ ἐπίσκεψις δύναται νὰ πείσῃ τὸν ἐνδιαφερόμενον. Τὸ κέρδος ἐπὶ τῶν ἐνδείξεων.
